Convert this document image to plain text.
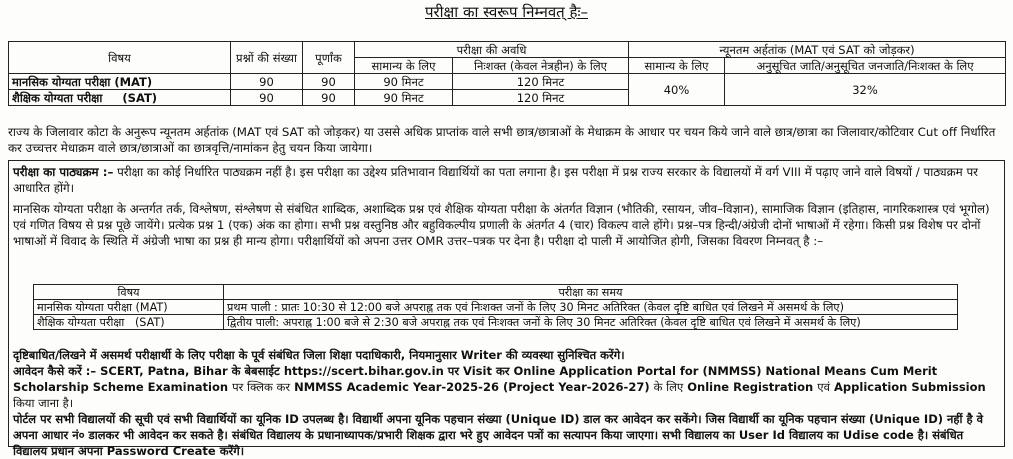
परीक्षा का स्वरूप निम्नवत् हैः–
विषय	प्रश्नों की संख्या	पूर्णांक	परीक्षा की अवधि		न्यूनतम अर्हतांक (MAT एवं SAT को जोड़कर)	
			सामान्य के लिए	निःशक्त (केवल नेत्रहीन) के लिए	सामान्य के लिए	अनुसूचित जाति/अनुसूचित जनजाति/निःशक्त के लिए
मानसिक योग्यता परीक्षा (MAT)	90	90	90 मिनट	120 मिनट	40%	32%
शैक्षिक योग्यता परीक्षा     (SAT)	90	90	90 मिनट	120 मिनट		
राज्य के जिलावार कोटा के अनुरूप न्यूनतम अर्हतांक (MAT एवं SAT को जोड़कर) या उससे अधिक प्राप्तांक वाले सभी छात्र/छात्राओं के मेधाक्रम के आधार पर चयन किये जाने वाले छात्र/छात्रा का जिलावार/कोटिवार Cut off निर्धारित कर उच्चत्तर मेधाक्रम वाले छात्र/छात्राओं का छात्रवृत्ति/नामांकन हेतु चयन किया जायेगा।

परीक्षा का पाठ्यक्रम :– परीक्षा का कोई निर्धारित पाठ्यक्रम नहीं है। इस परीक्षा का उद्देश्य प्रतिभावान विद्यार्थियों का पता लगाना है। इस परीक्षा में प्रश्न राज्य सरकार के विद्यालयों में वर्ग VIII में पढ़ाए जाने वाले विषयों / पाठ्यक्रम पर आधारित होंगे।

मानसिक योग्यता परीक्षा के अन्तर्गत तर्क, विश्लेषण, संश्लेषण से संबंधित शाब्दिक, अशाब्दिक प्रश्न एवं शैक्षिक योग्यता परीक्षा के अंतर्गत विज्ञान (भौतिकी, रसायन, जीव–विज्ञान), सामाजिक विज्ञान (इतिहास, नागरिकशास्त्र एवं भूगोल) एवं गणित विषय से प्रश्न पूछे जायेंगे। प्रत्येक प्रश्न 1 (एक) अंक का होगा। सभी प्रश्न वस्तुनिष्ठ और बहुविकल्पीय प्रणाली के अंतर्गत 4 (चार) विकल्प वाले होंगे। प्रश्न–पत्र हिन्दी/अंग्रेजी दोनों भाषाओं में रहेगा। किसी प्रश्न विशेष पर दोनों भाषाओं में विवाद के स्थिति में अंग्रेजी भाषा का प्रश्न ही मान्य होगा। परीक्षार्थियों को अपना उत्तर OMR उत्तर–पत्रक पर देना है। परीक्षा दो पाली में आयोजित होगी, जिसका विवरण निम्नवत् है :–

विषय	परीक्षा का समय
मानसिक योग्यता परीक्षा (MAT)	प्रथम पाली : प्रातः 10:30 से 12:00 बजे अपराह्न तक एवं निःशक्त जनों के लिए 30 मिनट अतिरिक्त (केवल दृष्टि बाधित एवं लिखने में असमर्थ के लिए)
शैक्षिक योग्यता परीक्षा   (SAT)	द्वितीय पाली: अपराह्न 1:00 बजे से 2:30 बजे अपराह्न तक एवं निःशक्त जनों के लिए 30 मिनट अतिरिक्त (केवल दृष्टि बाधित एवं लिखने में असमर्थ के लिए)

दृष्टिबाधित/लिखने में असमर्थ परीक्षार्थी के लिए परीक्षा के पूर्व संबंधित जिला शिक्षा पदाधिकारी, नियमानुसार Writer की व्यवस्था सुनिश्चित करेंगे।

आवेदन कैसे करें :– SCERT, Patna, Bihar के बेबसाईट https://scert.bihar.gov.in पर Visit कर Online Application Portal for (NMMSS) National Means Cum Merit Scholarship Scheme Examination पर क्लिक कर NMMSS Academic Year-2025-26 (Project Year-2026-27) के लिए Online Registration एवं Application Submission किया जाना है।

पोर्टल पर सभी विद्यालयों की सूची एवं सभी विद्यार्थियों का यूनिक ID उपलब्ध है। विद्यार्थी अपना यूनिक पहचान संख्या (Unique ID) डाल कर आवेदन कर सकेंगे। जिस विद्यार्थी का यूनिक पहचान संख्या (Unique ID) नहीं है वे अपना आधार नं० डालकर भी आवेदन कर सकते है। संबंधित विद्यालय के प्रधानाध्यापक/प्रभारी शिक्षक द्वारा भरे हुए आवेदन पत्रों का सत्यापन किया जाएगा। सभी विद्यालय का User Id विद्यालय का Udise code है। संबंधित विद्यालय प्रधान अपना Password Create करेंगे।
